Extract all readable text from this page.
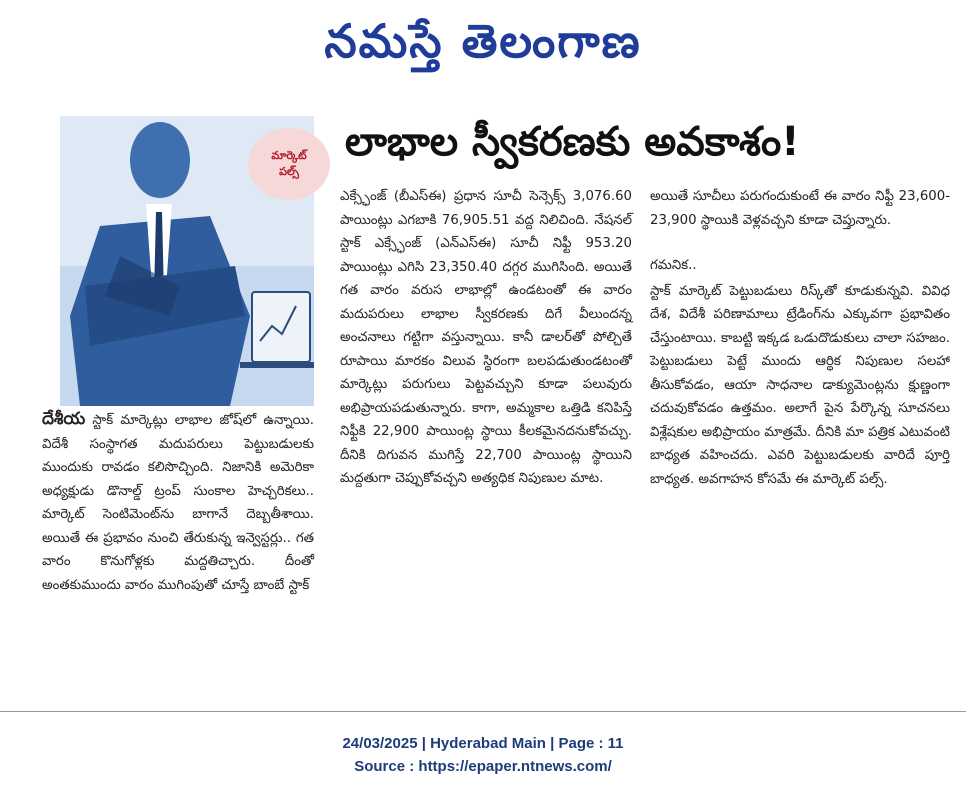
నమస్తే తెలంగాణ
మార్కెట్
పల్స్
లాభాల స్వీకరణకు అవకాశం!

దేశీయ స్టాక్ మార్కెట్లు లాభాల జోష్‌లో ఉన్నాయి. విదేశీ సంస్థాగత మదుపరులు పెట్టుబడులకు ముందుకు రావడం కలిసొచ్చింది. నిజానికి అమెరికా అధ్యక్షుడు డొనాల్డ్ ట్రంప్ సుంకాల హెచ్చరికలు.. మార్కెట్ సెంటిమెంట్‌ను బాగానే దెబ్బతీశాయి. అయితే ఈ ప్రభావం నుంచి తేరుకున్న ఇన్వెస్టర్లు.. గత వారం కొనుగోళ్లకు మద్దతిచ్చారు. దీంతో అంతకుముందు వారం ముగింపుతో చూస్తే బాంబే స్టాక్

ఎక్స్ఛేంజ్ (బీఎస్ఈ) ప్రధాన సూచీ సెన్సెక్స్ 3,076.60 పాయింట్లు ఎగబాకి 76,905.51 వద్ద నిలిచింది. నేషనల్ స్టాక్ ఎక్స్ఛేంజ్ (ఎన్ఎస్ఈ) సూచీ నిఫ్టీ 953.20 పాయింట్లు ఎగిసి 23,350.40 దగ్గర ముగిసింది. అయితే గత వారం వరుస లాభాల్లో ఉండటంతో ఈ వారం మదుపరులు లాభాల స్వీకరణకు దిగే వీలుందన్న అంచనాలు గట్టిగా వస్తున్నాయి. కానీ డాలర్‌తో పోల్చితే రూపాయి మారకం విలువ స్థిరంగా బలపడుతుండటంతో మార్కెట్లు పరుగులు పెట్టవచ్చుని కూడా పలువురు అభిప్రాయపడుతున్నారు. కాగా, అమ్మకాల ఒత్తిడి కనిపిస్తే నిఫ్టీకి 22,900 పాయింట్ల స్థాయి కీలకమైనదనుకోవచ్చు. దీనికి దిగువన ముగిస్తే 22,700 పాయింట్ల స్థాయిని మద్దతుగా చెప్పుకోవచ్చని అత్యధిక నిపుణుల మాట.

అయితే సూచీలు పరుగందుకుంటే ఈ వారం నిఫ్టీ 23,600-23,900 స్థాయికి వెళ్లవచ్చని కూడా చెప్తున్నారు.

గమనిక..

స్టాక్ మార్కెట్ పెట్టుబడులు రిస్క్‌తో కూడుకున్నవి. వివిధ దేశ, విదేశీ పరిణామాలు ట్రేడింగ్‌ను ఎక్కువగా ప్రభావితం చేస్తుంటాయి. కాబట్టి ఇక్కడ ఒడుదొడుకులు చాలా సహజం. పెట్టుబడులు పెట్టే ముందు ఆర్థిక నిపుణుల సలహా తీసుకోవడం, ఆయా సాధనాల డాక్యుమెంట్లను క్షుణ్ణంగా చదువుకోవడం ఉత్తమం. అలాగే పైన పేర్కొన్న సూచనలు విశ్లేషకుల అభిప్రాయం మాత్రమే. దీనికి మా పత్రిక ఎటువంటి బాధ్యత వహించదు. ఎవరి పెట్టుబడులకు వారిదే పూర్తి బాధ్యత. అవగాహన కోసమే ఈ మార్కెట్ పల్స్.

24/03/2025 | Hyderabad Main | Page : 11
Source : https://epaper.ntnews.com/
